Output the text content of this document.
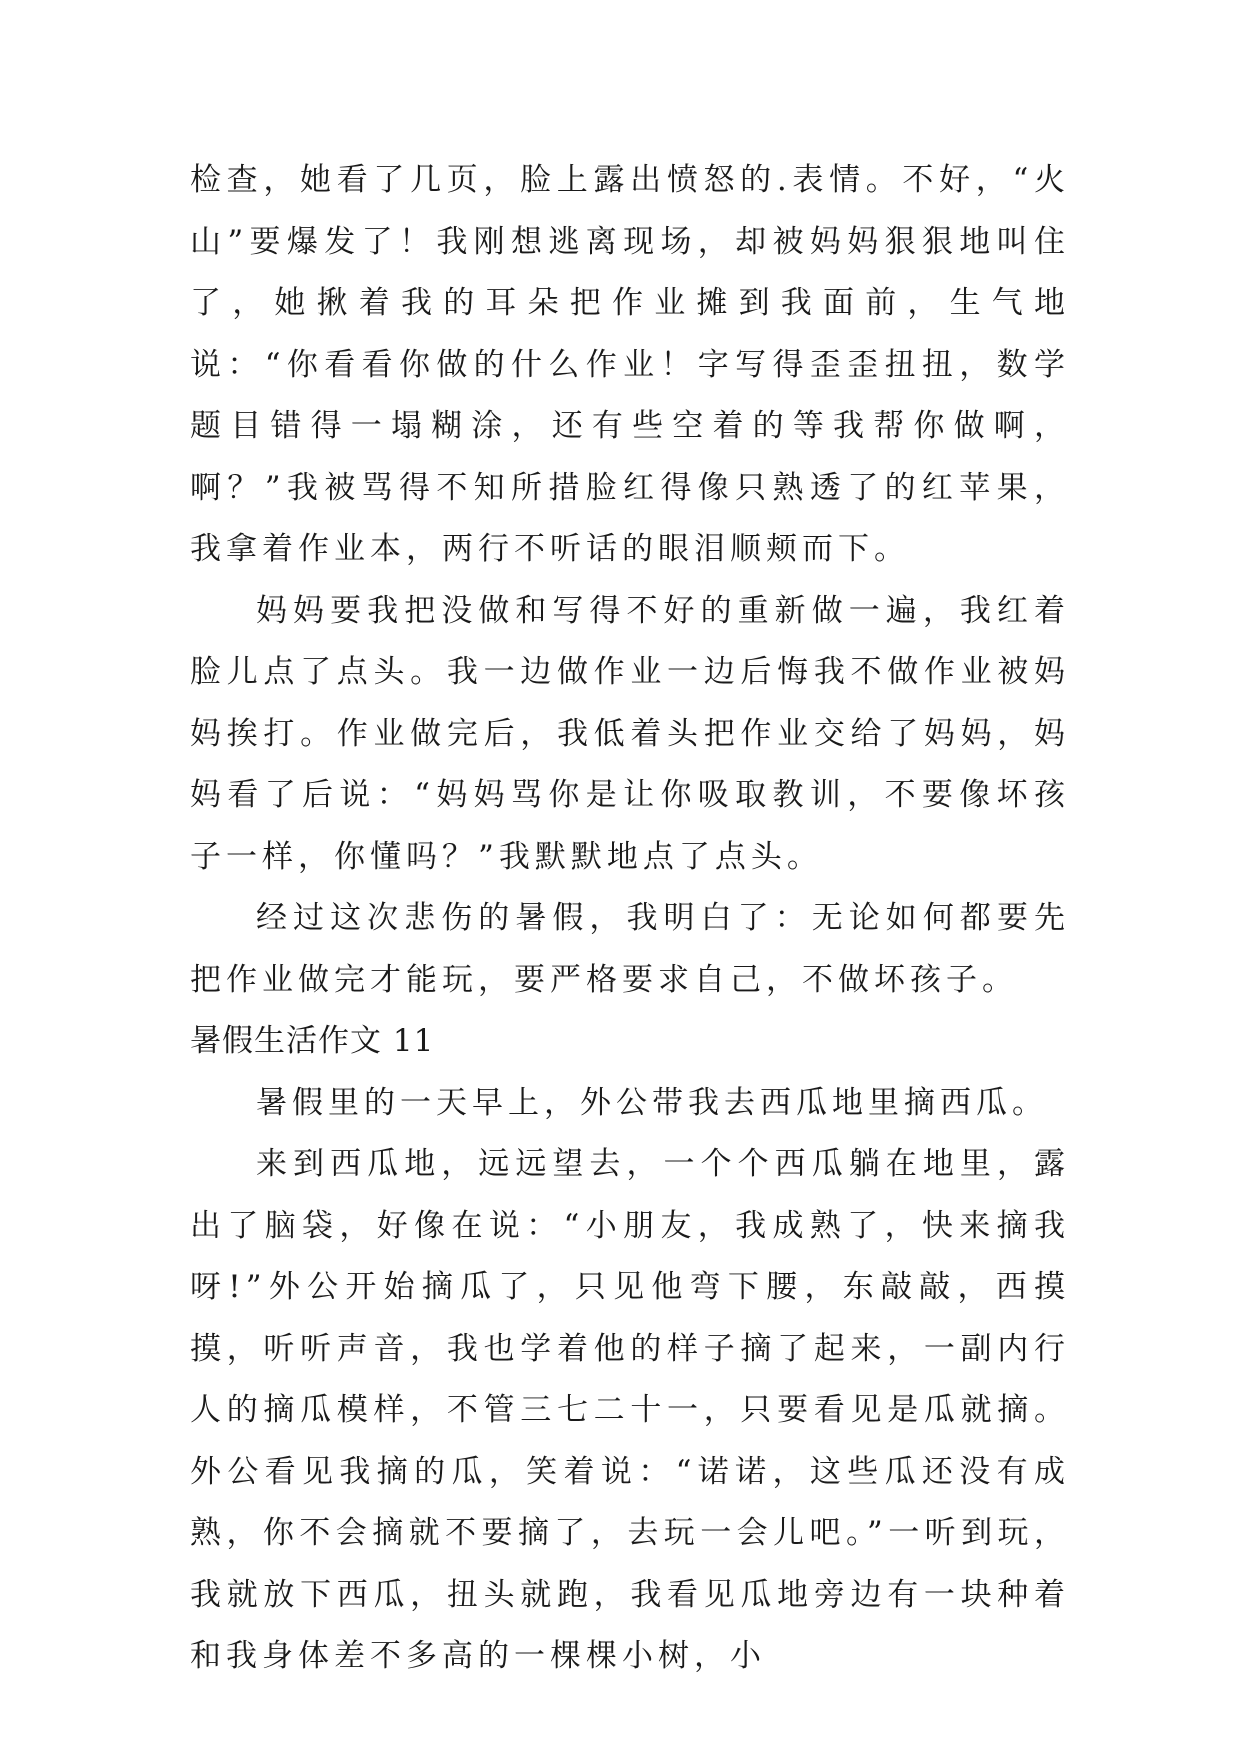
检查，她看了几页，脸上露出愤怒的.表情。不好，“火山”要爆发了！我刚想逃离现场，却被妈妈狠狠地叫住了，她揪着我的耳朵把作业摊到我面前，生气地说：“你看看你做的什么作业！字写得歪歪扭扭，数学题目错得一塌糊涂，还有些空着的等我帮你做啊，啊？”我被骂得不知所措脸红得像只熟透了的红苹果，我拿着作业本，两行不听话的眼泪顺颊而下。

妈妈要我把没做和写得不好的重新做一遍，我红着脸儿点了点头。我一边做作业一边后悔我不做作业被妈妈挨打。作业做完后，我低着头把作业交给了妈妈，妈妈看了后说：“妈妈骂你是让你吸取教训，不要像坏孩子一样，你懂吗？”我默默地点了点头。

经过这次悲伤的暑假，我明白了：无论如何都要先把作业做完才能玩，要严格要求自己，不做坏孩子。

暑假生活作文 11

暑假里的一天早上，外公带我去西瓜地里摘西瓜。

来到西瓜地，远远望去，一个个西瓜躺在地里，露出了脑袋，好像在说：“小朋友，我成熟了，快来摘我呀!”外公开始摘瓜了，只见他弯下腰，东敲敲，西摸摸，听听声音，我也学着他的样子摘了起来，一副内行人的摘瓜模样，不管三七二十一，只要看见是瓜就摘。外公看见我摘的瓜，笑着说：“诺诺，这些瓜还没有成熟，你不会摘就不要摘了，去玩一会儿吧。”一听到玩，我就放下西瓜，扭头就跑，我看见瓜地旁边有一块种着和我身体差不多高的一棵棵小树，小
